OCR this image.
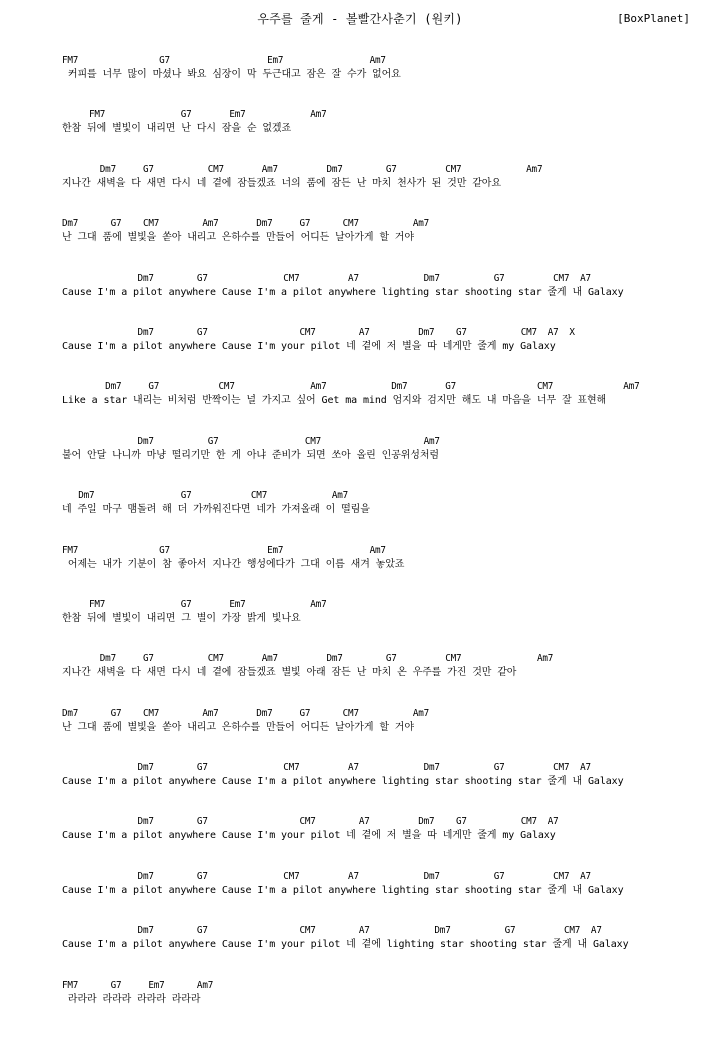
우주를 줄게 - 볼빨간사춘기 (원키)	[BoxPlanet]

FM7               G7                  Em7                Am7

커피를 너무 많이 마셨나 봐요 심장이 막 두근대고 잠은 잘 수가 없어요

FM7              G7       Em7            Am7

한참 뒤에 별빛이 내리면 난 다시 잠을 순 없겠죠

Dm7     G7          CM7       Am7         Dm7        G7         CM7            Am7

지나간 새벽을 다 새면 다시 네 곁에 잠들겠죠 너의 품에 잠든 난 마치 천사가 된 것만 같아요

Dm7      G7    CM7        Am7       Dm7     G7      CM7          Am7

난 그대 품에 별빛을 쏟아 내리고 은하수를 만들어 어디든 날아가게 할 거야

Dm7        G7              CM7         A7            Dm7          G7         CM7  A7

Cause I'm a pilot anywhere Cause I'm a pilot anywhere lighting star shooting star 줄게 내 Galaxy

Dm7        G7                 CM7        A7         Dm7    G7          CM7  A7  X

Cause I'm a pilot anywhere Cause I'm your pilot 네 곁에 저 별을 따 네게만 줄게 my Galaxy

Dm7     G7           CM7              Am7            Dm7       G7               CM7             Am7

Like a star 내리는 비처럼 반짝이는 널 가지고 싶어 Get ma mind 엄지와 검지만 해도 내 마음을 너무 잘 표현해

Dm7          G7                CM7                   Am7

불어 안달 나니까 마냥 떨리기만 한 게 아냐 준비가 되면 쏘아 올린 인공위성처럼

Dm7                G7           CM7            Am7

네 주일 마구 맴돌려 해 더 가까워진다면 네가 가져올래 이 떨림을

FM7               G7                  Em7                Am7

어제는 내가 기분이 참 좋아서 지나간 행성에다가 그대 이름 새겨 놓았죠

FM7              G7       Em7            Am7

한참 뒤에 별빛이 내리면 그 별이 가장 밝게 빛나요

Dm7     G7          CM7       Am7         Dm7        G7         CM7              Am7

지나간 새벽을 다 새면 다시 네 곁에 잠들겠죠 별빛 아래 잠든 난 마치 온 우주를 가진 것만 같아

Dm7      G7    CM7        Am7       Dm7     G7      CM7          Am7

난 그대 품에 별빛을 쏟아 내리고 은하수를 만들어 어디든 날아가게 할 거야

Dm7        G7              CM7         A7            Dm7          G7         CM7  A7

Cause I'm a pilot anywhere Cause I'm a pilot anywhere lighting star shooting star 줄게 내 Galaxy

Dm7        G7                 CM7        A7         Dm7    G7          CM7  A7

Cause I'm a pilot anywhere Cause I'm your pilot 네 곁에 저 별을 따 네게만 줄게 my Galaxy

Dm7        G7              CM7         A7            Dm7          G7         CM7  A7

Cause I'm a pilot anywhere Cause I'm a pilot anywhere lighting star shooting star 줄게 내 Galaxy

Dm7        G7                 CM7        A7            Dm7          G7         CM7  A7

Cause I'm a pilot anywhere Cause I'm your pilot 네 곁에 lighting star shooting star 줄게 내 Galaxy

FM7      G7     Em7      Am7

라라라 라라라 라라라 라라라
